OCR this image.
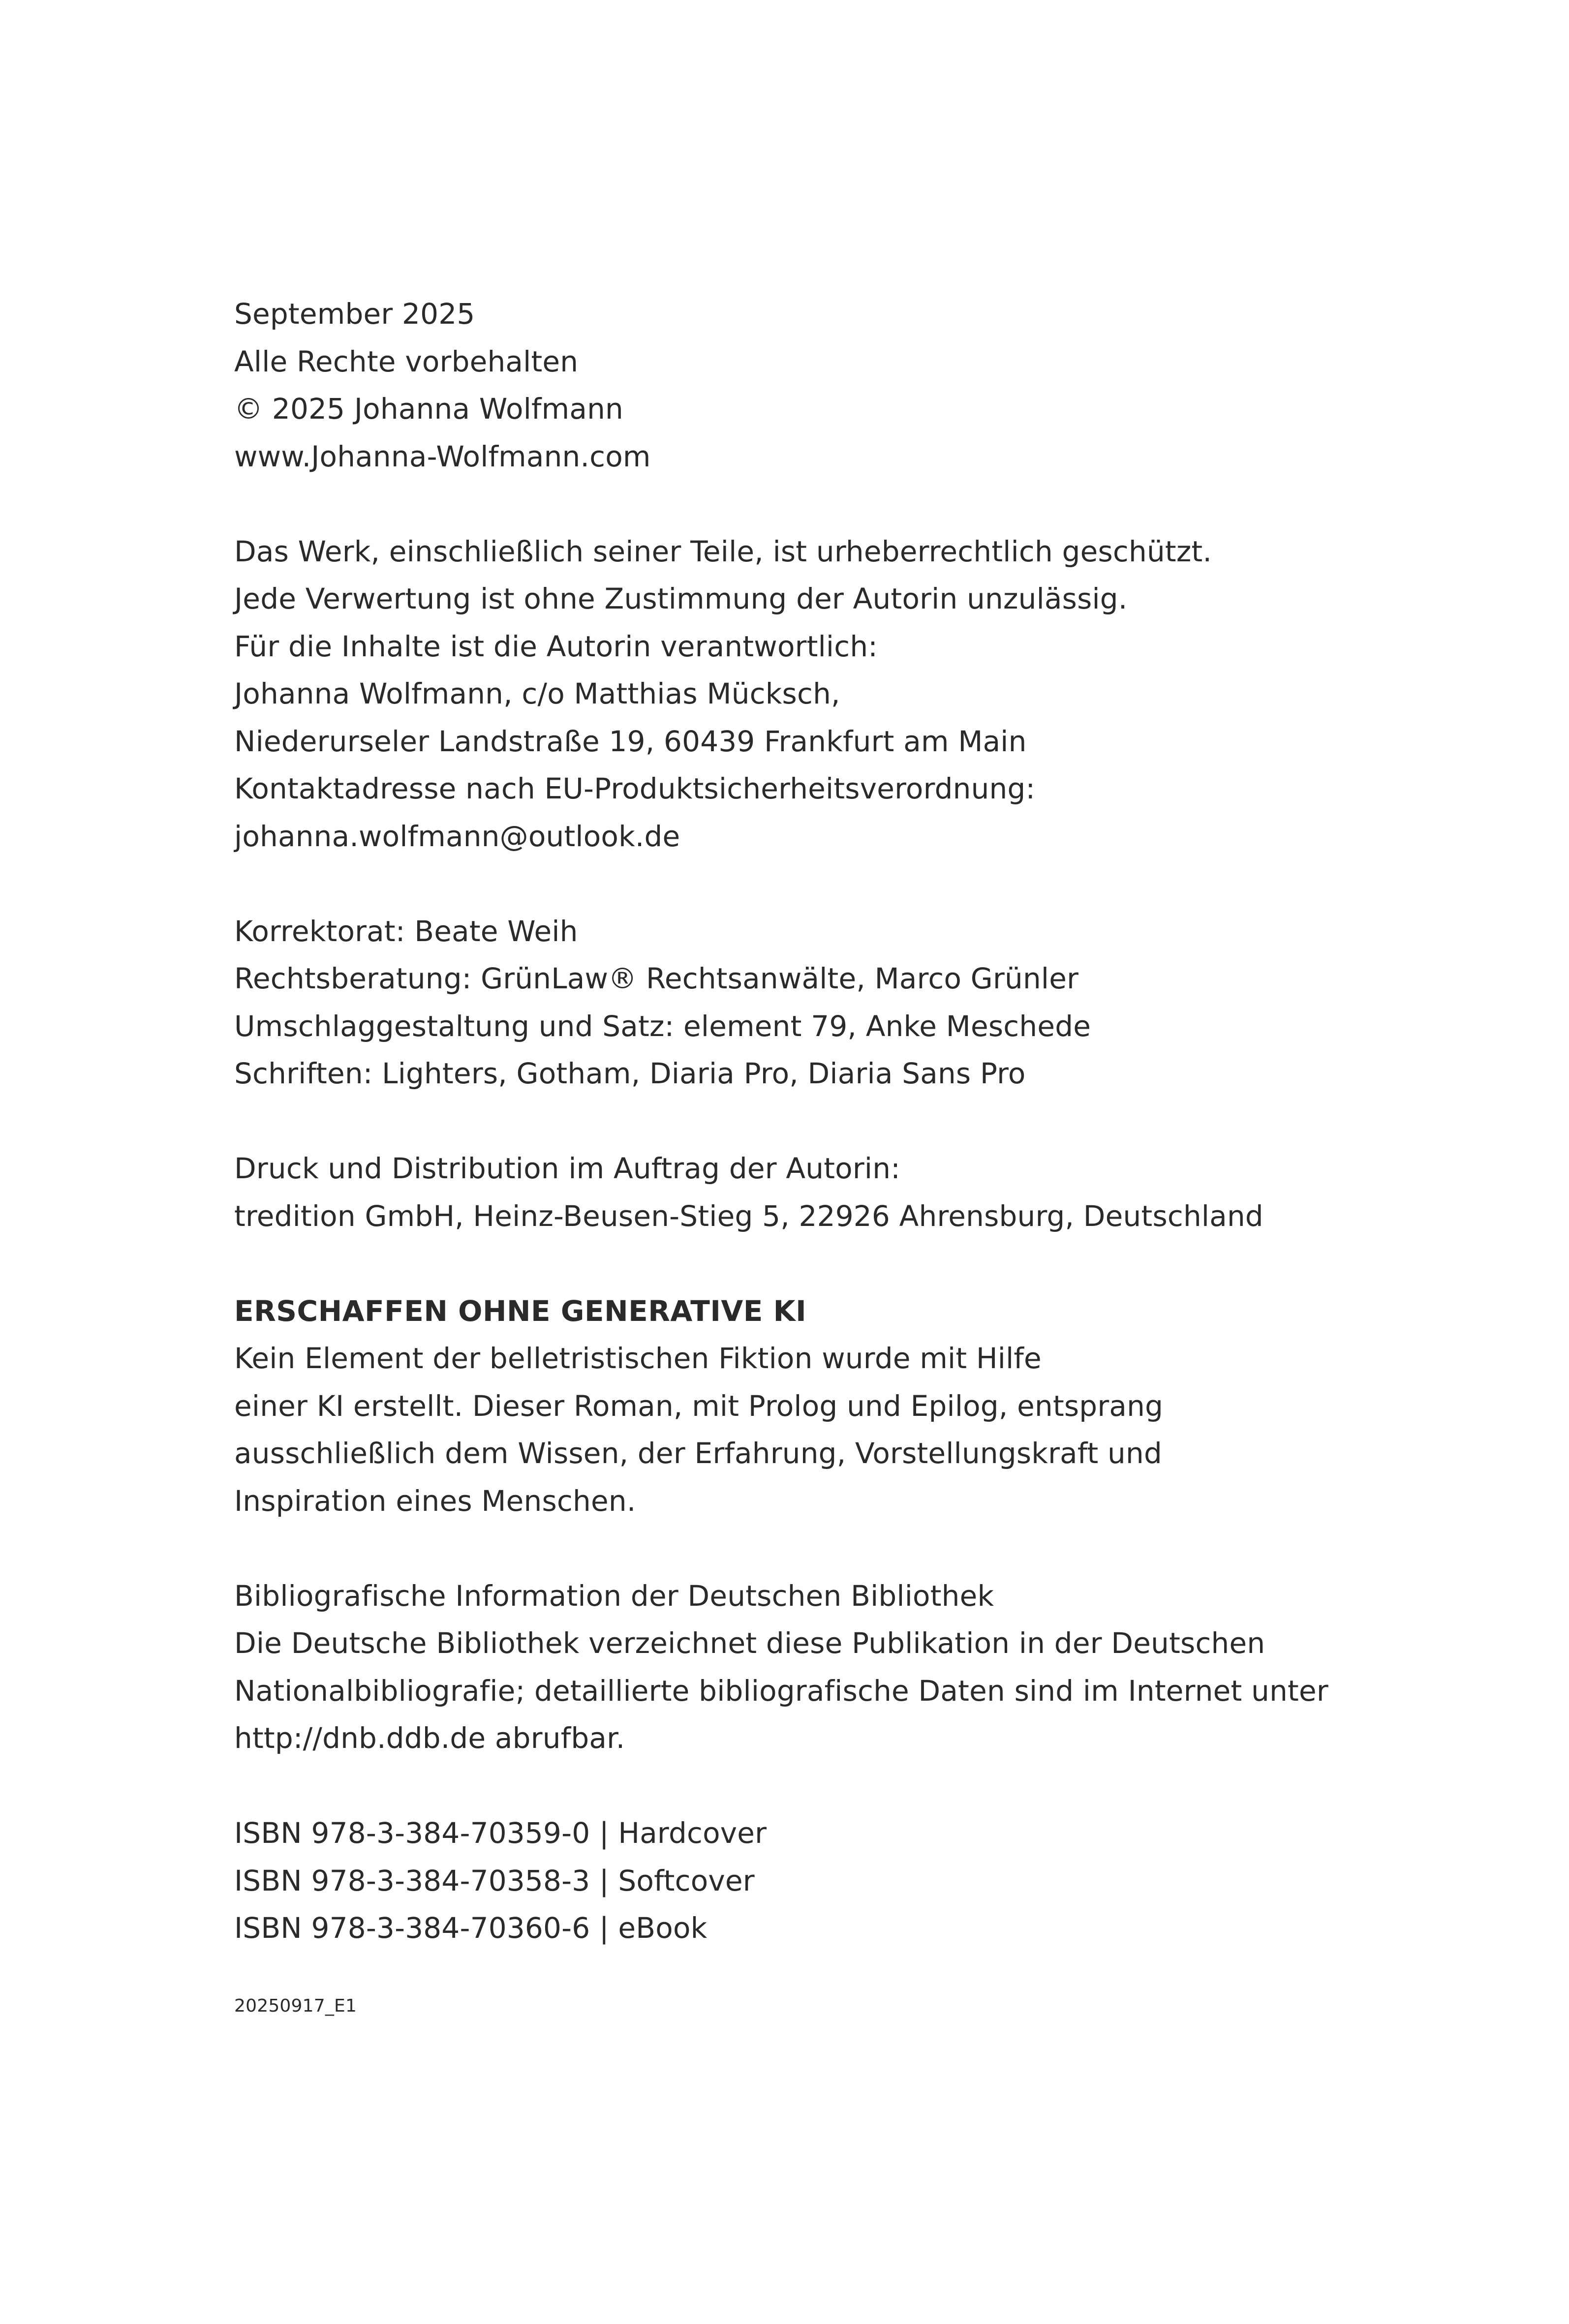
September 2025
Alle Rechte vorbehalten
© 2025 Johanna Wolfmann
www.Johanna-Wolfmann.com
Das Werk, einschließlich seiner Teile, ist urheberrechtlich geschützt.
Jede Verwertung ist ohne Zustimmung der Autorin unzulässig.
Für die Inhalte ist die Autorin verantwortlich:
Johanna Wolfmann, c/o Matthias Mücksch,
Niederurseler Landstraße 19, 60439 Frankfurt am Main
Kontaktadresse nach EU-Produktsicherheitsverordnung:
johanna.wolfmann@outlook.de
Korrektorat: Beate Weih
Rechtsberatung: GrünLaw® Rechtsanwälte, Marco Grünler
Umschlaggestaltung und Satz: element 79, Anke Meschede
Schriften: Lighters, Gotham, Diaria Pro, Diaria Sans Pro
Druck und Distribution im Auftrag der Autorin:
tredition GmbH, Heinz-Beusen-Stieg 5, 22926 Ahrensburg, Deutschland
ERSCHAFFEN OHNE GENERATIVE KI
Kein Element der belletristischen Fiktion wurde mit Hilfe
einer KI erstellt. Dieser Roman, mit Prolog und Epilog, entsprang
ausschließlich dem Wissen, der Erfahrung, Vorstellungskraft und
Inspiration eines Menschen.
Bibliografische Information der Deutschen Bibliothek
Die Deutsche Bibliothek verzeichnet diese Publikation in der Deutschen
Nationalbibliografie; detaillierte bibliografische Daten sind im Internet unter
http://dnb.ddb.de abrufbar.
ISBN 978-3-384-70359-0 | Hardcover
ISBN 978-3-384-70358-3 | Softcover
ISBN 978-3-384-70360-6 | eBook
20250917_E1
